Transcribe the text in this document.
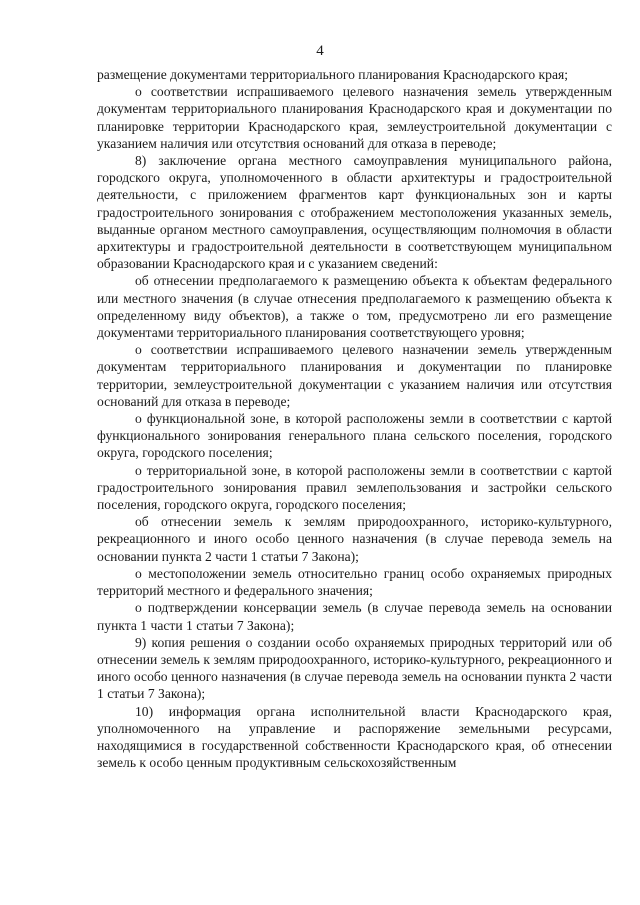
4

размещение документами территориального планирования Краснодарского края;

о соответствии испрашиваемого целевого назначения земель утвержденным документам территориального планирования Краснодарского края и документации по планировке территории Краснодарского края, землеустроительной документации с указанием наличия или отсутствия оснований для отказа в переводе;

8) заключение органа местного самоуправления муниципального района, городского округа, уполномоченного в области архитектуры и градостроительной деятельности, с приложением фрагментов карт функциональных зон и карты градостроительного зонирования с отображением местоположения указанных земель, выданные органом местного самоуправления, осуществляющим полномочия в области архитектуры и градостроительной деятельности в соответствующем муниципальном образовании Краснодарского края и с указанием сведений:

об отнесении предполагаемого к размещению объекта к объектам федерального или местного значения (в случае отнесения предполагаемого к размещению объекта к определенному виду объектов), а также о том, предусмотрено ли его размещение документами территориального планирования соответствующего уровня;

о соответствии испрашиваемого целевого назначении земель утвержденным документам территориального планирования и документации по планировке территории, землеустроительной документации с указанием наличия или отсутствия оснований для отказа в переводе;

о функциональной зоне, в которой расположены земли в соответствии с картой функционального зонирования генерального плана сельского поселения, городского округа, городского поселения;

о территориальной зоне, в которой расположены земли в соответствии с картой градостроительного зонирования правил землепользования и застройки сельского поселения, городского округа, городского поселения;

об отнесении земель к землям природоохранного, историко-культурного, рекреационного и иного особо ценного назначения (в случае перевода земель на основании пункта 2 части 1 статьи 7 Закона);

о местоположении земель относительно границ особо охраняемых природных территорий местного и федерального значения;

о подтверждении консервации земель (в случае перевода земель на основании пункта 1 части 1 статьи 7 Закона);

9) копия решения о создании особо охраняемых природных территорий или об отнесении земель к землям природоохранного, историко-культурного, рекреационного и иного особо ценного назначения (в случае перевода земель на основании пункта 2 части 1 статьи 7 Закона);

10) информация органа исполнительной власти Краснодарского края, уполномоченного на управление и распоряжение земельными ресурсами, находящимися в государственной собственности Краснодарского края, об отнесении земель к особо ценным продуктивным сельскохозяйственным
